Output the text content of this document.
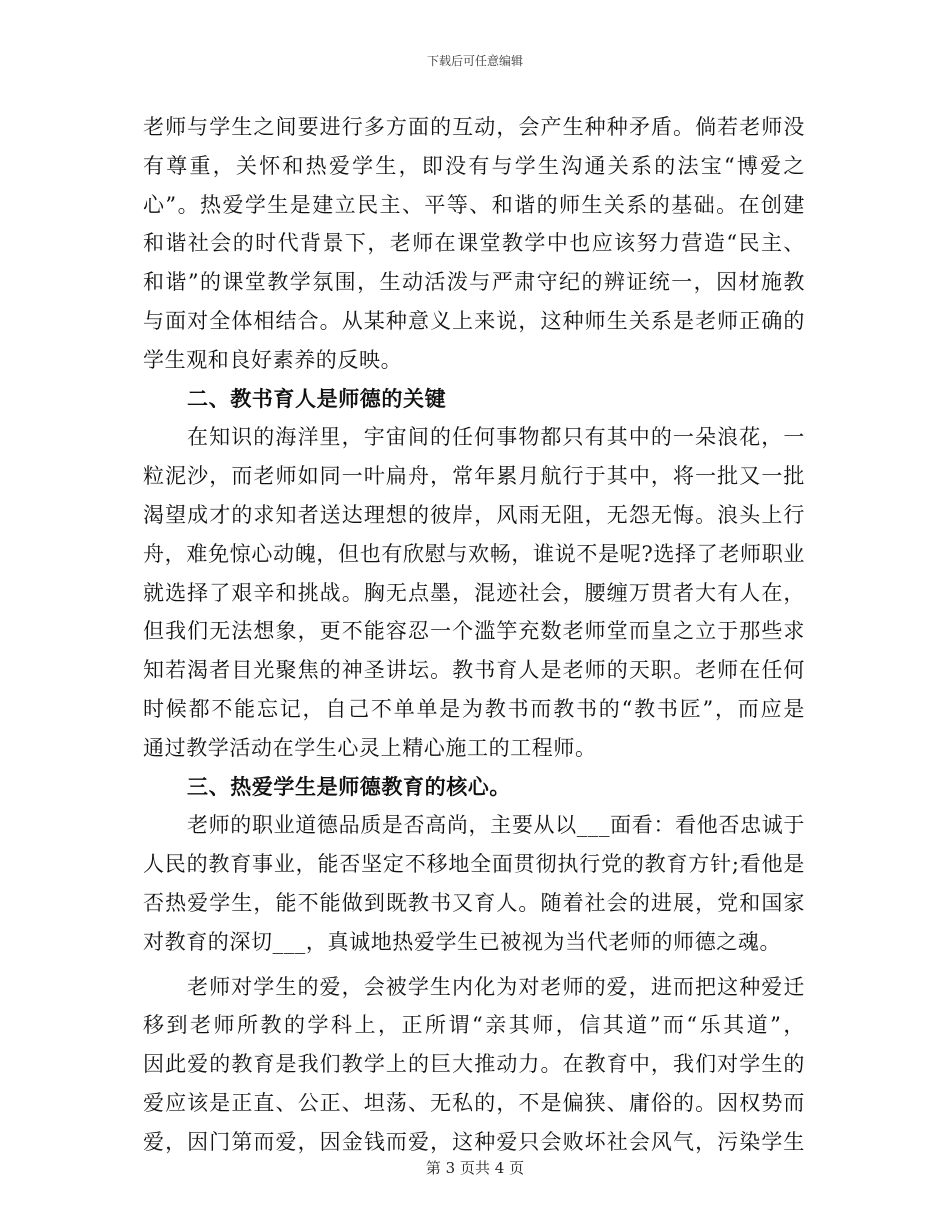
下载后可任意编辑
老师与学生之间要进行多方面的互动，会产生种种矛盾。倘若老师没
有尊重，关怀和热爱学生，即没有与学生沟通关系的法宝“博爱之
心”。热爱学生是建立民主、平等、和谐的师生关系的基础。在创建
和谐社会的时代背景下，老师在课堂教学中也应该努力营造“民主、
和谐”的课堂教学氛围，生动活泼与严肃守纪的辨证统一，因材施教
与面对全体相结合。从某种意义上来说，这种师生关系是老师正确的
学生观和良好素养的反映。
二、教书育人是师德的关键
在知识的海洋里，宇宙间的任何事物都只有其中的一朵浪花，一
粒泥沙，而老师如同一叶扁舟，常年累月航行于其中，将一批又一批
渴望成才的求知者送达理想的彼岸，风雨无阻，无怨无悔。浪头上行
舟，难免惊心动魄，但也有欣慰与欢畅，谁说不是呢?选择了老师职业
就选择了艰辛和挑战。胸无点墨，混迹社会，腰缠万贯者大有人在，
但我们无法想象，更不能容忍一个滥竽充数老师堂而皇之立于那些求
知若渴者目光聚焦的神圣讲坛。教书育人是老师的天职。老师在任何
时候都不能忘记，自己不单单是为教书而教书的“教书匠”，而应是
通过教学活动在学生心灵上精心施工的工程师。
三、热爱学生是师德教育的核心。
老师的职业道德品质是否高尚，主要从以___面看：看他否忠诚于
人民的教育事业，能否坚定不移地全面贯彻执行党的教育方针;看他是
否热爱学生，能不能做到既教书又育人。随着社会的进展，党和国家
对教育的深切___，真诚地热爱学生已被视为当代老师的师德之魂。
老师对学生的爱，会被学生内化为对老师的爱，进而把这种爱迁
移到老师所教的学科上，正所谓“亲其师，信其道”而“乐其道”，
因此爱的教育是我们教学上的巨大推动力。在教育中，我们对学生的
爱应该是正直、公正、坦荡、无私的，不是偏狭、庸俗的。因权势而
爱，因门第而爱，因金钱而爱，这种爱只会败坏社会风气，污染学生
第 3 页共 4 页
